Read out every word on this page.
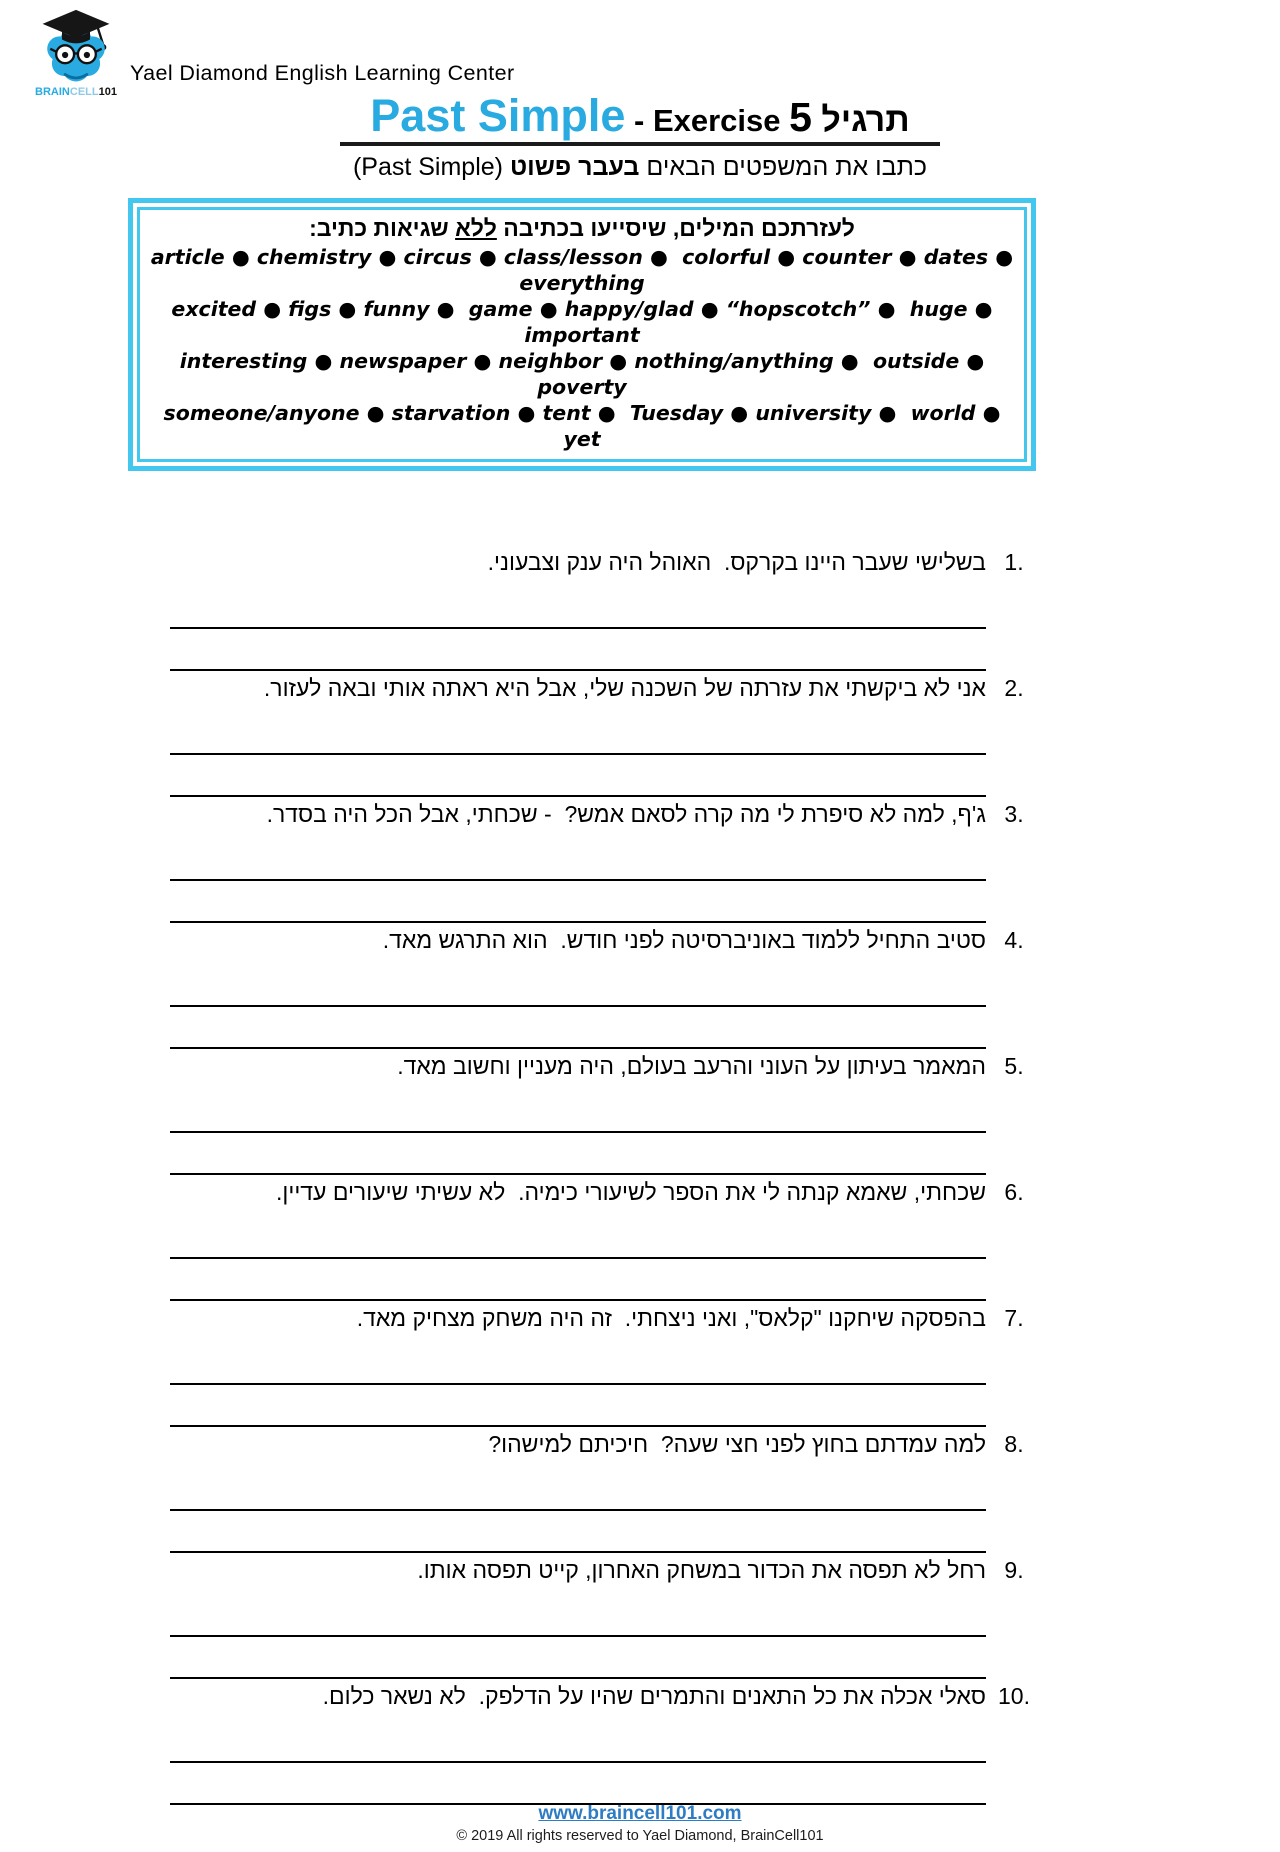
BRAINCELL101
Yael Diamond English Learning Center
Past Simple - Exercise 5 תרגיל
כתבו את המשפטים הבאים בעבר פשוט (Past Simple)
לעזרתכם המילים, שיסייעו בכתיבה ללא שגיאות כתיב:
article ● chemistry ● circus ● class/lesson ●  colorful ● counter ● dates ● everything
excited ● figs ● funny ●  game ● happy/glad ● “hopscotch” ●  huge ●  important
interesting ● newspaper ● neighbor ● nothing/anything ●  outside ● poverty
someone/anyone ● starvation ● tent ●  Tuesday ● university ●  world ● yet
1.
בשלישי שעבר היינו בקרקס.  האוהל היה ענק וצבעוני.
2.
אני לא ביקשתי את עזרתה של השכנה שלי, אבל היא ראתה אותי ובאה לעזור.
3.
ג'ף, למה לא סיפרת לי מה קרה לסאם אמש?  - שכחתי, אבל הכל היה בסדר.
4.
סטיב התחיל ללמוד באוניברסיטה לפני חודש.  הוא התרגש מאד.
5.
המאמר בעיתון על העוני והרעב בעולם, היה מעניין וחשוב מאד.
6.
שכחתי, שאמא קנתה לי את הספר לשיעורי כימיה.  לא עשיתי שיעורים עדיין.
7.
בהפסקה שיחקנו "קלאס", ואני ניצחתי.  זה היה משחק מצחיק מאד.
8.
למה עמדתם בחוץ לפני חצי שעה?  חיכיתם למישהו?
9.
רחל לא תפסה את הכדור במשחק האחרון, קייט תפסה אותו.
10.
סאלי אכלה את כל התאנים והתמרים שהיו על הדלפק.  לא נשאר כלום.
www.braincell101.com
© 2019 All rights reserved to Yael Diamond, BrainCell101
